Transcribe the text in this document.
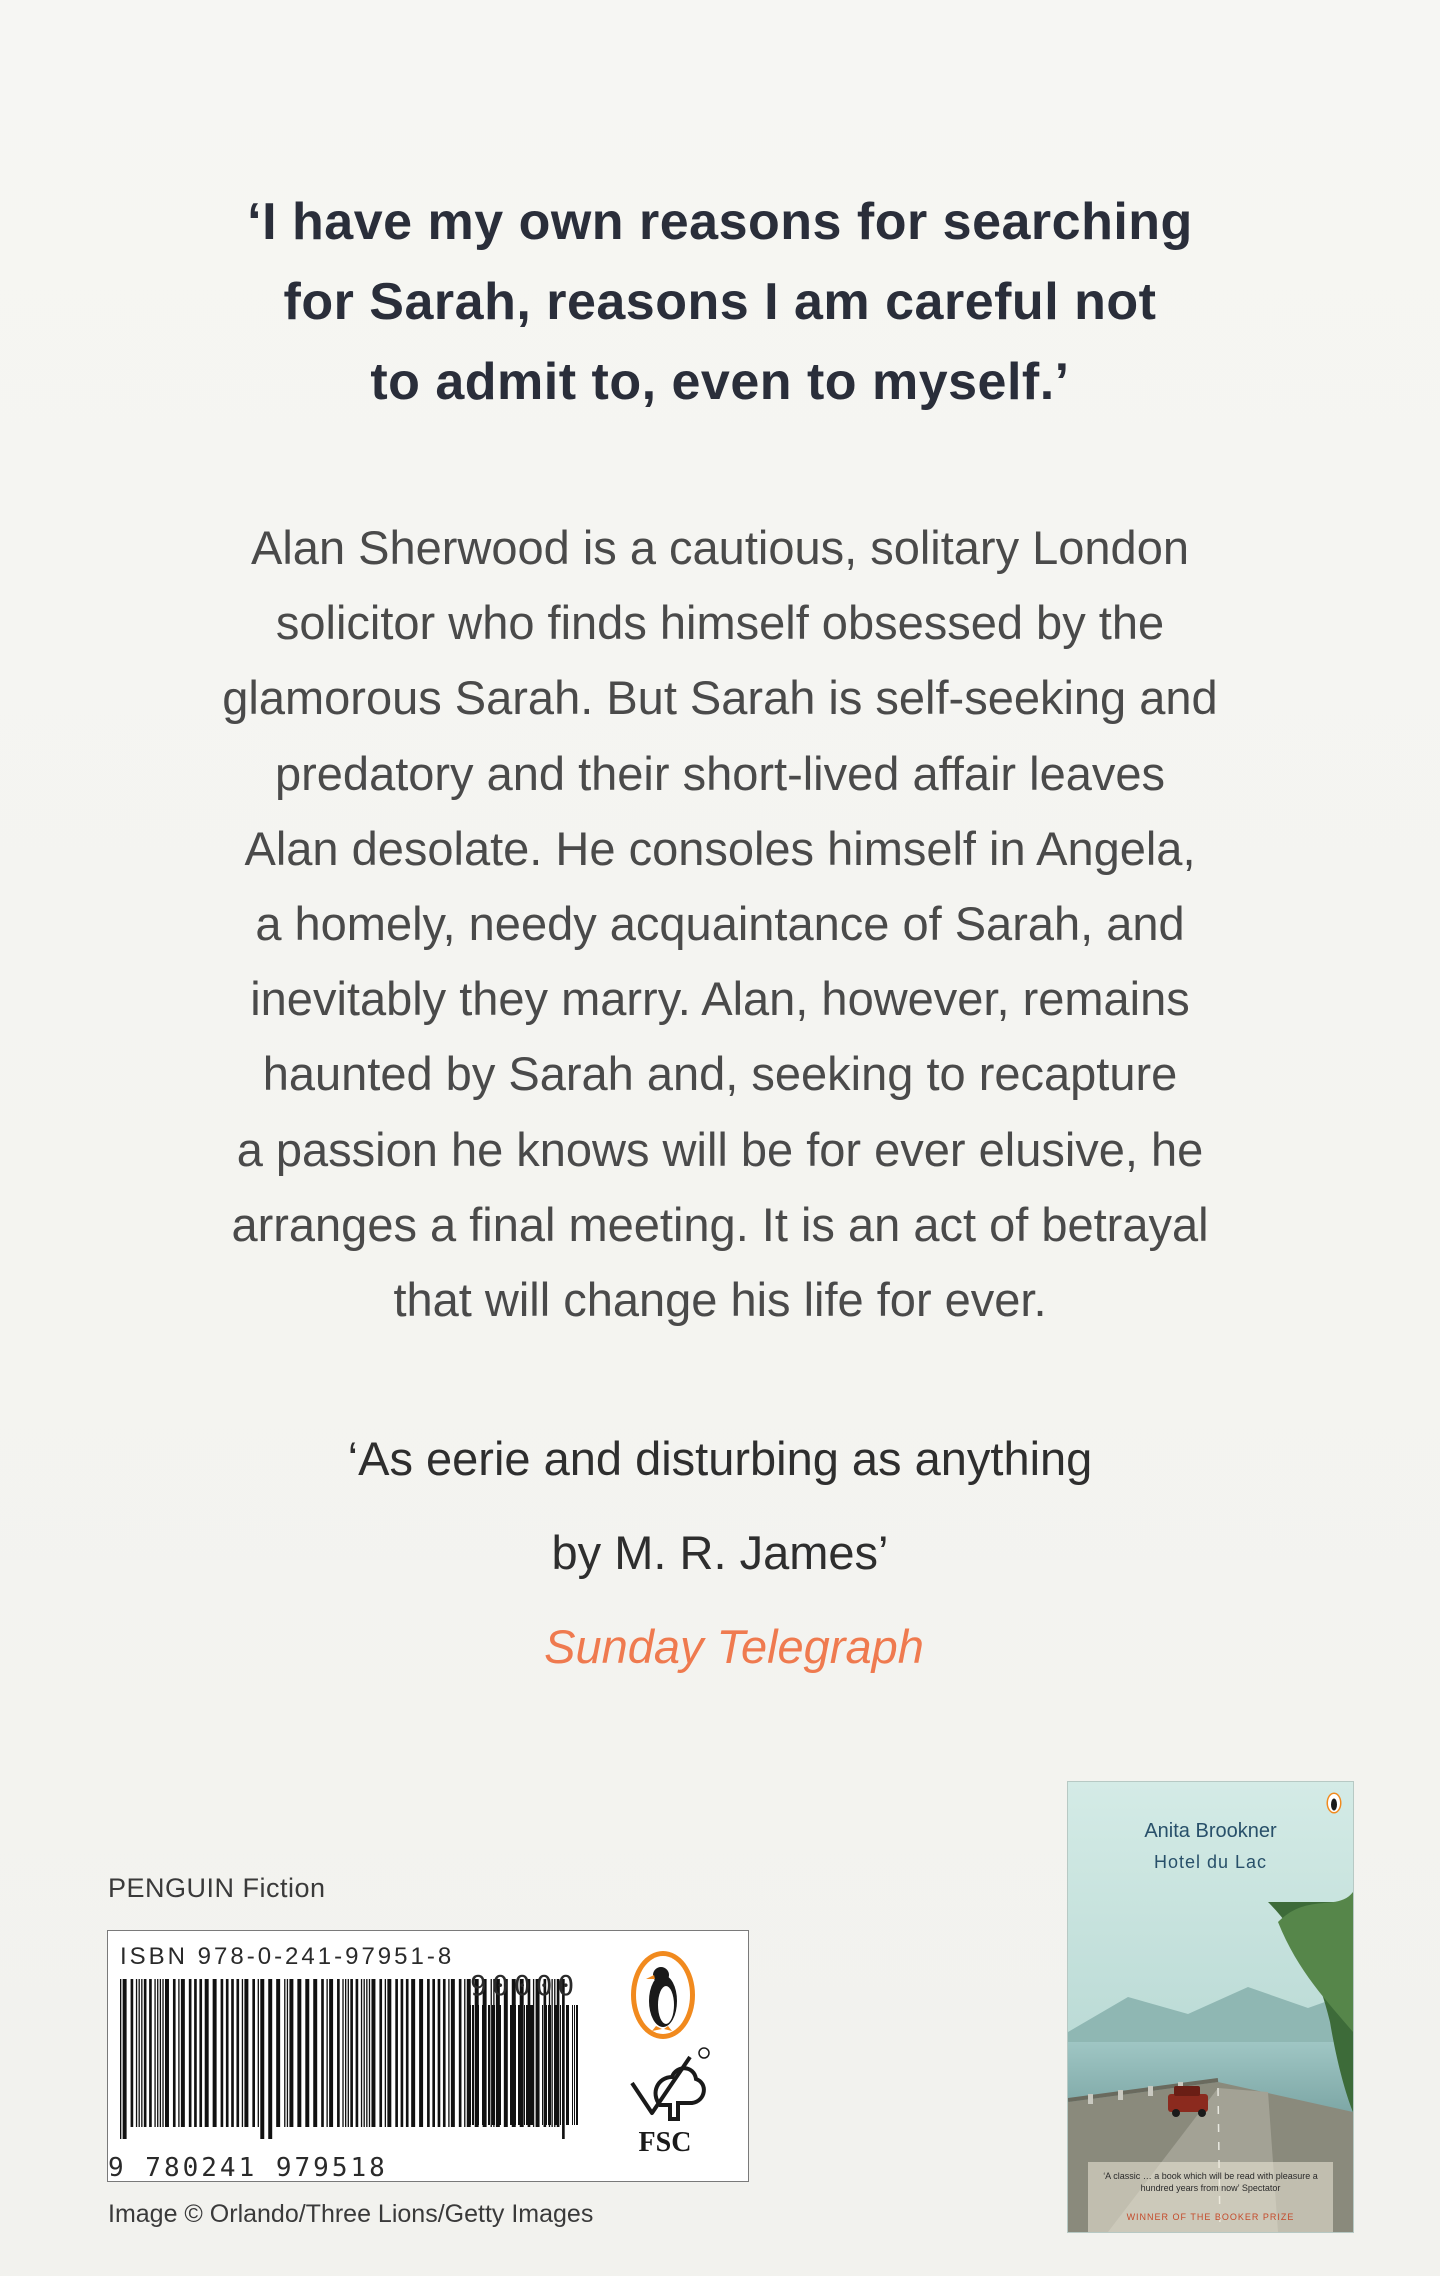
‘I have my own reasons for searching
for Sarah, reasons I am careful not
to admit to, even to myself.’
Alan Sherwood is a cautious, solitary London
solicitor who finds himself obsessed by the
glamorous Sarah. But Sarah is self-seeking and
predatory and their short-lived affair leaves
Alan desolate. He consoles himself in Angela,
a homely, needy acquaintance of Sarah, and
inevitably they marry. Alan, however, remains
haunted by Sarah and, seeking to recapture
a passion he knows will be for ever elusive, he
arranges a final meeting. It is an act of betrayal
that will change his life for ever.
‘As eerie and disturbing as anything
by M. R. James’
Sunday Telegraph
PENGUIN Fiction
ISBN 978-0-241-97951-8
9 780241 979518
90000
FSC
Image © Orlando/Three Lions/Getty Images
Anita Brookner
Hotel du Lac
‘A classic … a book which will be read with pleasure a hundred years from now’ Spectator
WINNER OF THE BOOKER PRIZE
